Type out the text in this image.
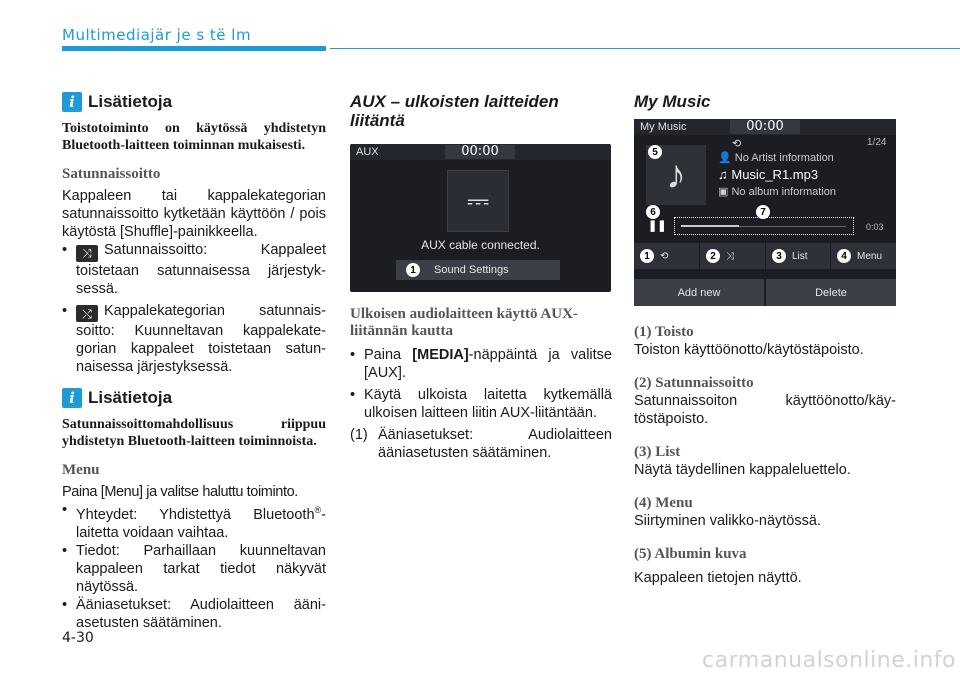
Multimediajär je s tё lm
i Lisätietoja
Toistotoiminto on käytössä yhdistetyn Bluetooth-laitteen toiminnan mukaisesti.
Satunnaissoitto
Kappaleen tai kappalekategorian satunnaissoitto kytketään käyttöön / pois käytöstä [Shuffle]-painikkeella.
•	⤨ Satunnaissoitto: Kappaleet toistetaan satunnaisessa järjestyksessä.
•	⤭ Kappalekategorian satunnaissoitto: Kuunneltavan kappalekategorian kappaleet toistetaan satunnaisessa järjestyksessä.
i Lisätietoja
Satunnaissoittomahdollisuus riippuu yhdistetyn Bluetooth-laitteen toiminnoista.
Menu
Paina [Menu] ja valitse haluttu toiminto.
• Yhteydet: Yhdistettyä Bluetooth®-laitetta voidaan vaihtaa.
• Tiedot: Parhaillaan kuunneltavan kappaleen tarkat tiedot näkyvät näytössä.
• Ääniasetukset: Audiolaitteen ääniasetusten säätäminen.
AUX – ulkoisten laitteiden liitäntä
AUX	00:00
⎓
AUX cable connected.
1	Sound Settings
Ulkoisen audiolaitteen käyttö AUX-liitännän kautta
• Paina [MEDIA]-näppäintä ja valitse [AUX].
• Käytä ulkoista laitetta kytkemällä ulkoisen laitteen liitin AUX-liitäntään.
(1) Ääniasetukset: Audiolaitteen ääniasetusten säätäminen.
My Music
My Music	00:00
⟲	1/24
♪
5	👤 No Artist information
♫ Music_R1.mp3
▣ No album information
6	7
❚❚	0:03
1	⟲	2	⤨	3	List	4	Menu
Add new	Delete
(1) Toisto
Toiston käyttöönotto/käytöstäpoisto.
(2) Satunnaissoitto
Satunnaissoiton käyttöönotto/käytöstäpoisto.
(3) List
Näytä täydellinen kappaleluettelo.
(4) Menu
Siirtyminen valikko-näytössä.
(5) Albumin kuva
Kappaleen tietojen näyttö.
4-30
carmanualsonline.info
